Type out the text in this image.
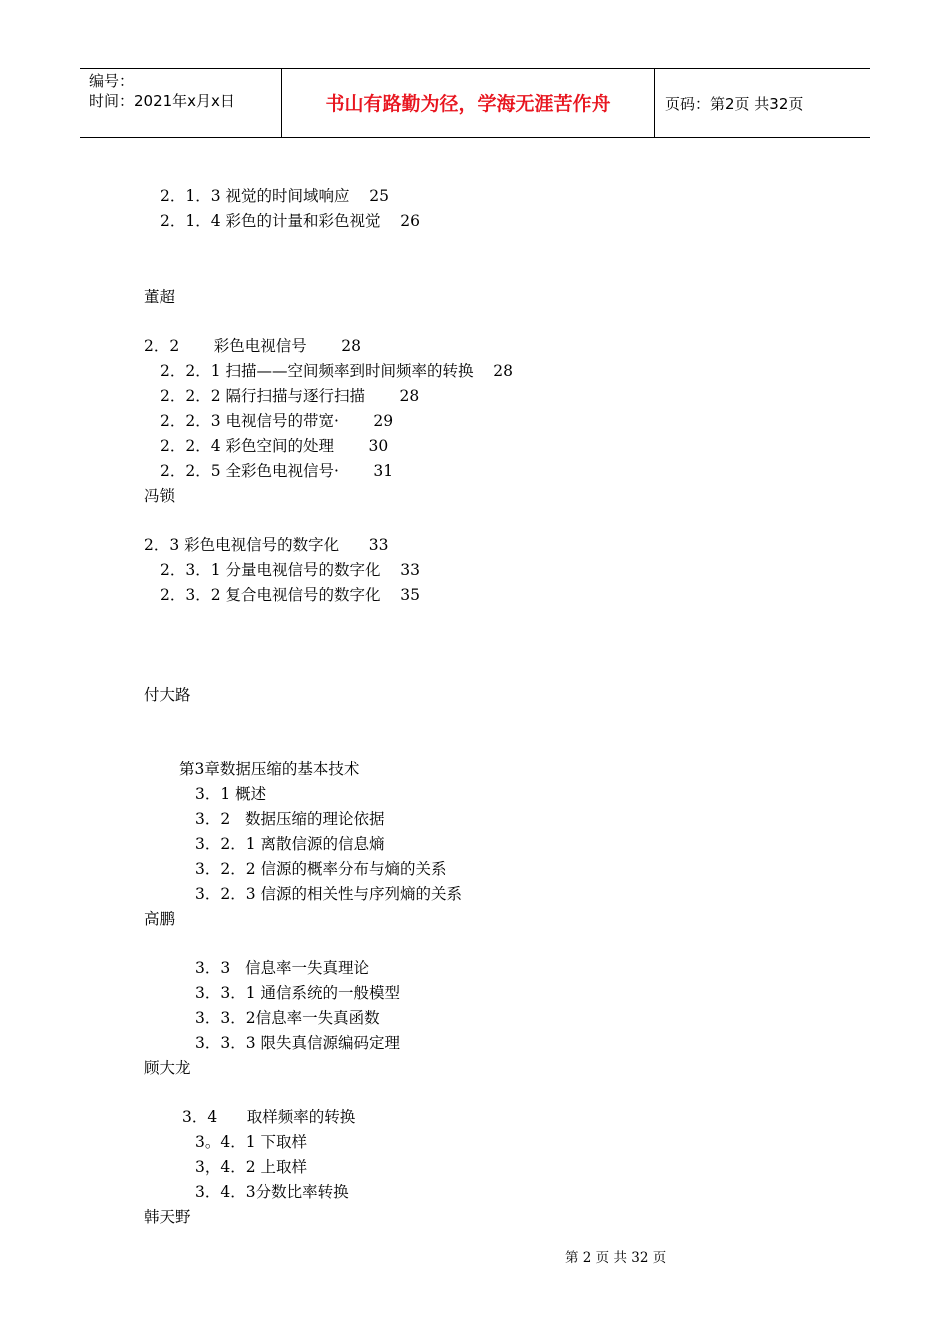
编号：
时间：2021年x月x日	书山有路勤为径，学海无涯苦作舟	页码：第2页 共32页
2．1．3 视觉的时间域响应    25
2．1．4 彩色的计量和彩色视觉    26
董超
2．2       彩色电视信号       28
2．2．1 扫描——空间频率到时间频率的转换    28
2．2．2 隔行扫描与逐行扫描       28
2．2．3 电视信号的带宽·       29
2．2．4 彩色空间的处理       30
2．2．5 全彩色电视信号·       31
冯锁
2．3 彩色电视信号的数字化      33
2．3．1 分量电视信号的数字化    33
2．3．2 复合电视信号的数字化    35
付大路
第3章数据压缩的基本技术
3．1 概述
3．2   数据压缩的理论依据
3．2．1 离散信源的信息熵
3．2．2 信源的概率分布与熵的关系
3．2．3 信源的相关性与序列熵的关系
高鹏
3．3   信息率一失真理论
3．3．1 通信系统的一般模型
3．3．2信息率一失真函数
3．3．3 限失真信源编码定理
顾大龙
3．4      取样频率的转换
3。4．1 下取样
3，4．2 上取样
3．4．3分数比率转换
韩天野
第 2 页 共 32 页
